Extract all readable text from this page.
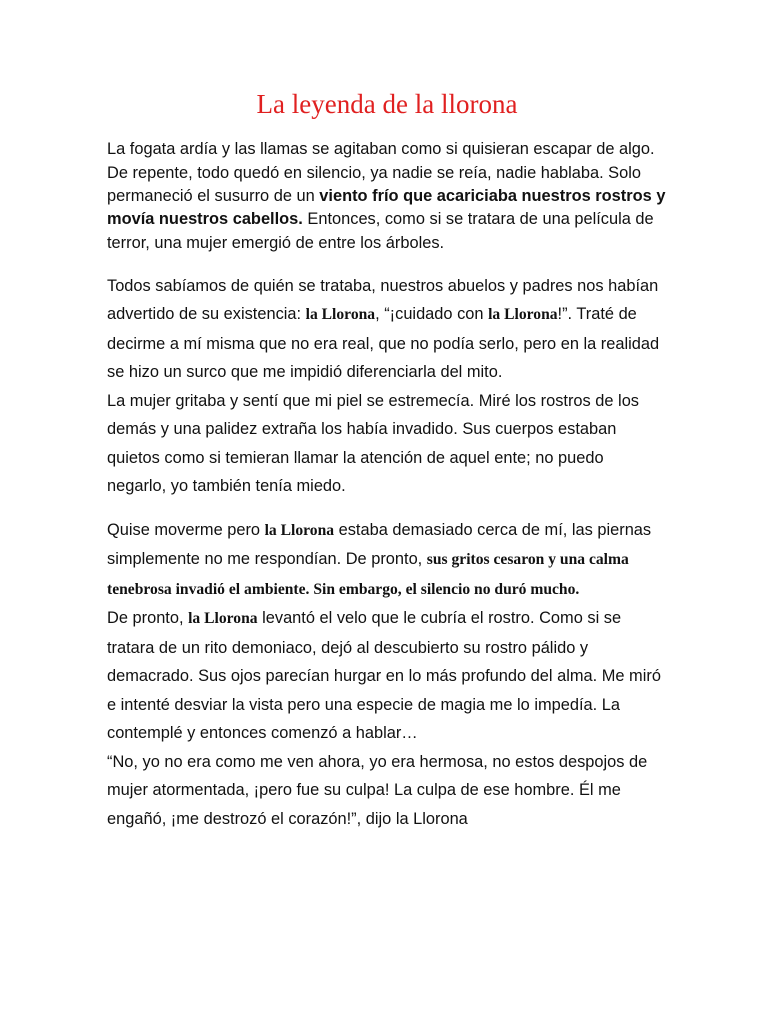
La leyenda de la llorona

La fogata ardía y las llamas se agitaban como si quisieran escapar de algo. De repente, todo quedó en silencio, ya nadie se reía, nadie hablaba. Solo permaneció el susurro de un viento frío que acariciaba nuestros rostros y movía nuestros cabellos. Entonces, como si se tratara de una película de terror, una mujer emergió de entre los árboles.

Todos sabíamos de quién se trataba, nuestros abuelos y padres nos habían advertido de su existencia: la Llorona, “¡cuidado con la Llorona!”. Traté de decirme a mí misma que no era real, que no podía serlo, pero en la realidad se hizo un surco que me impidió diferenciarla del mito.

La mujer gritaba y sentí que mi piel se estremecía. Miré los rostros de los demás y una palidez extraña los había invadido. Sus cuerpos estaban quietos como si temieran llamar la atención de aquel ente; no puedo negarlo, yo también tenía miedo.

Quise moverme pero la Llorona estaba demasiado cerca de mí, las piernas simplemente no me respondían. De pronto, sus gritos cesaron y una calma tenebrosa invadió el ambiente. Sin embargo, el silencio no duró mucho.

De pronto, la Llorona levantó el velo que le cubría el rostro. Como si se tratara de un rito demoniaco, dejó al descubierto su rostro pálido y demacrado. Sus ojos parecían hurgar en lo más profundo del alma. Me miró e intenté desviar la vista pero una especie de magia me lo impedía. La contemplé y entonces comenzó a hablar…

“No, yo no era como me ven ahora, yo era hermosa, no estos despojos de mujer atormentada, ¡pero fue su culpa! La culpa de ese hombre. Él me engañó, ¡me destrozó el corazón!”, dijo la Llorona
